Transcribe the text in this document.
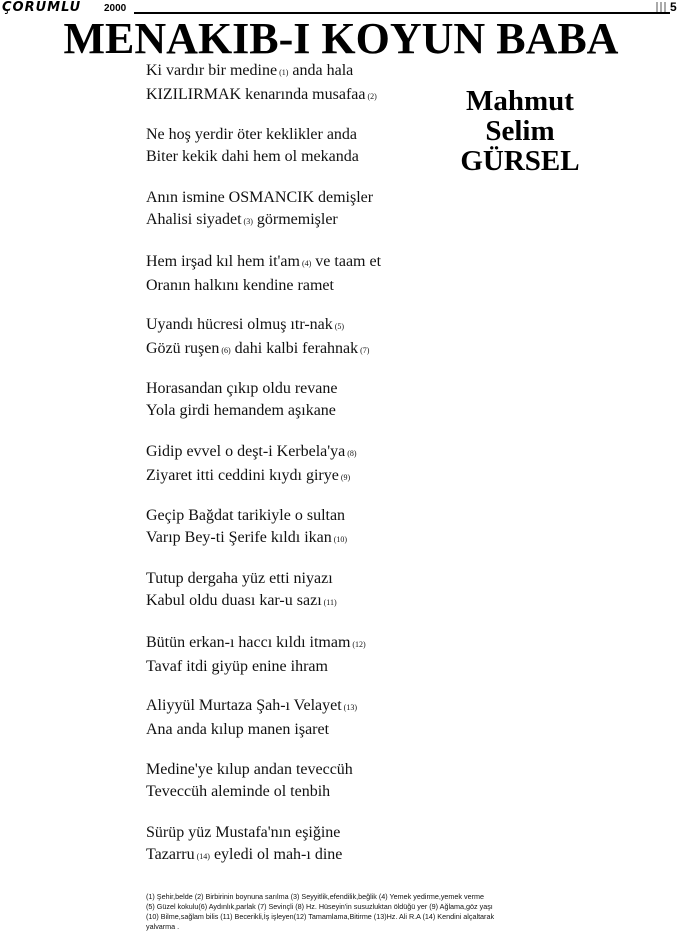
ÇORUMLU 2000	5
MENAKIB-I KOYUN BABA
Mahmut
Selim
GÜRSEL
Ki vardır bir medine (1) anda hala
KIZILIRMAK kenarında musafaa (2)
Ne hoş yerdir öter keklikler anda
Biter kekik dahi hem ol mekanda
Anın ismine OSMANCIK demişler
Ahalisi siyadet (3) görmemişler
Hem irşad kıl hem it'am (4) ve taam et
Oranın halkını kendine ramet
Uyandı hücresi olmuş ıtr-nak (5)
Gözü ruşen (6) dahi kalbi ferahnak (7)
Horasandan çıkıp oldu revane
Yola girdi hemandem aşıkane
Gidip evvel o deşt-i Kerbela'ya (8)
Ziyaret itti ceddini kıydı girye (9)
Geçip Bağdat tarikiyle o sultan
Varıp Bey-ti Şerife kıldı ikan (10)
Tutup dergaha yüz etti niyazı
Kabul oldu duası kar-u sazı (11)
Bütün erkan-ı haccı kıldı itmam (12)
Tavaf itdi giyüp enine ihram
Aliyyül Murtaza Şah-ı Velayet (13)
Ana anda kılup manen işaret
Medine'ye kılup andan teveccüh
Teveccüh aleminde ol tenbih
Sürüp yüz Mustafa'nın eşiğine
Tazarru (14) eyledi ol mah-ı dine
(1) Şehir,belde (2) Birbirinin boynuna sarılma (3) Seyyitlik,efendilik,beğlik (4) Yemek yedirme,yemek verme
(5) Güzel kokulu(6) Aydınlık,parlak (7) Sevinçli (8) Hz. Hüseyin'in susuzluktan öldüğü yer (9) Ağlama,göz yaşı
(10) Bilme,sağlam bilis (11) Becerikli,İş işleyen(12) Tamamlama,Bitirme (13)Hz. Ali R.A (14) Kendini alçaltarak
yalvarma .
